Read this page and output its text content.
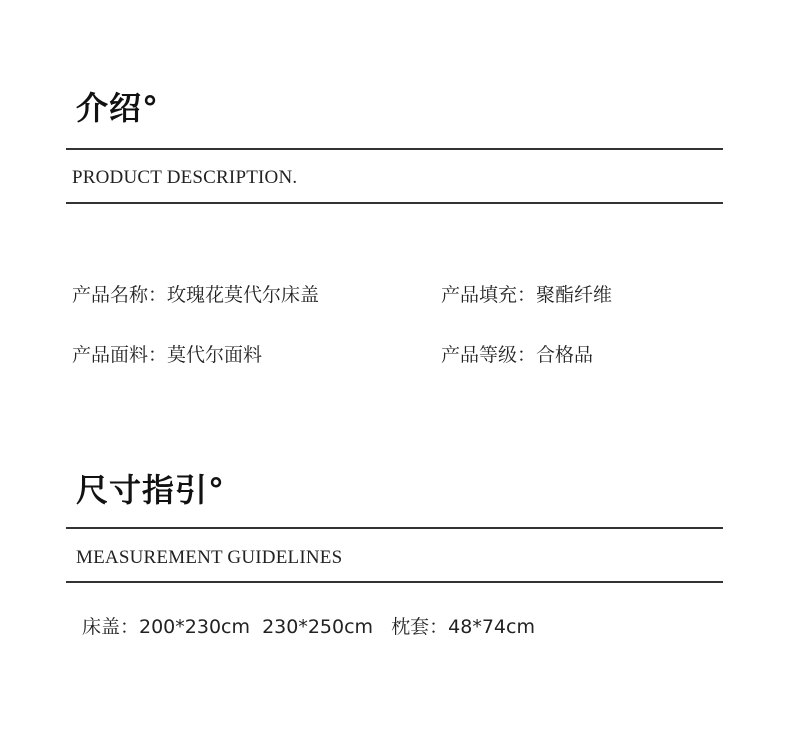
介绍°
PRODUCT DESCRIPTION.
产品名称：玫瑰花莫代尔床盖	产品填充：聚酯纤维
产品面料：莫代尔面料	产品等级：合格品
尺寸指引°
MEASUREMENT GUIDELINES
床盖：200*230cm  230*250cm   枕套：48*74cm
